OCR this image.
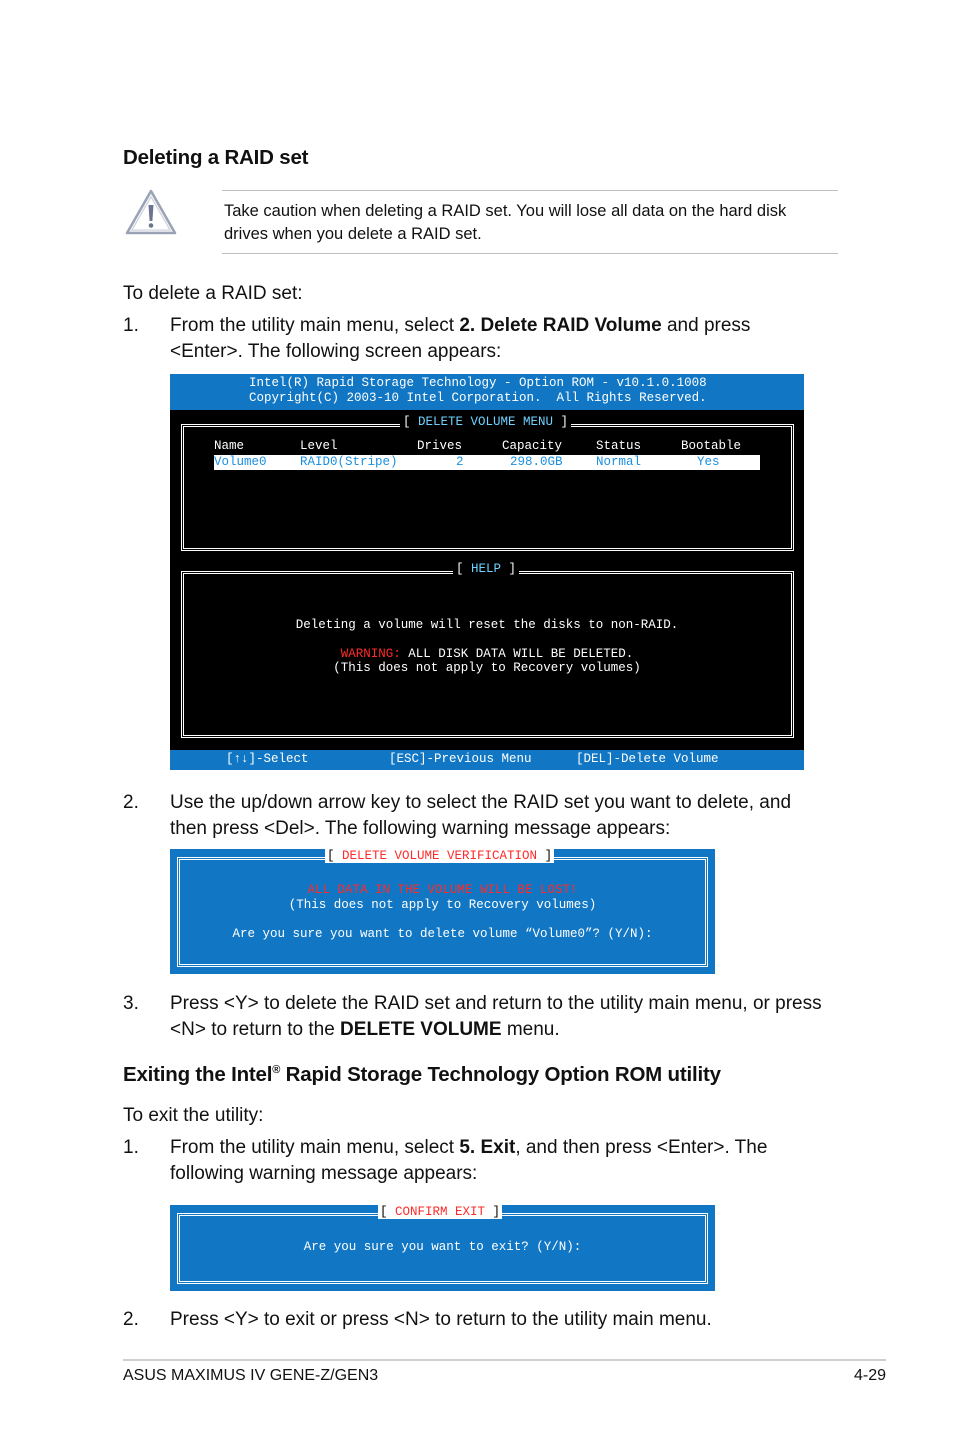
Deleting a RAID set
Take caution when deleting a RAID set. You will lose all data on the hard disk drives when you delete a RAID set.
To delete a RAID set:
1.	From the utility main menu, select 2. Delete RAID Volume and press
<Enter>. The following screen appears:
Intel(R) Rapid Storage Technology - Option ROM - v10.1.0.1008
Copyright(C) 2003-10 Intel Corporation.  All Rights Reserved.
[ DELETE VOLUME MENU ]
Name	Level	Drives	Capacity	Status	Bootable
Volume0	RAID0(Stripe)	2	298.0GB	Normal	Yes
[ HELP ]
Deleting a volume will reset the disks to non-RAID.
WARNING: ALL DISK DATA WILL BE DELETED.
(This does not apply to Recovery volumes)
[↑↓]-Select	[ESC]-Previous Menu	[DEL]-Delete Volume
2.	Use the up/down arrow key to select the RAID set you want to delete, and
then press <Del>. The following warning message appears:
[ DELETE VOLUME VERIFICATION ]
ALL DATA IN THE VOLUME WILL BE LOST!
(This does not apply to Recovery volumes)
Are you sure you want to delete volume “Volume0”? (Y/N):
3.	Press <Y> to delete the RAID set and return to the utility main menu, or press
<N> to return to the DELETE VOLUME menu.
Exiting the Intel® Rapid Storage Technology Option ROM utility
To exit the utility:
1.	From the utility main menu, select 5. Exit, and then press <Enter>. The
following warning message appears:
[ CONFIRM EXIT ]
Are you sure you want to exit? (Y/N):
2.	Press <Y> to exit or press <N> to return to the utility main menu.
ASUS MAXIMUS IV GENE-Z/GEN3	4-29
